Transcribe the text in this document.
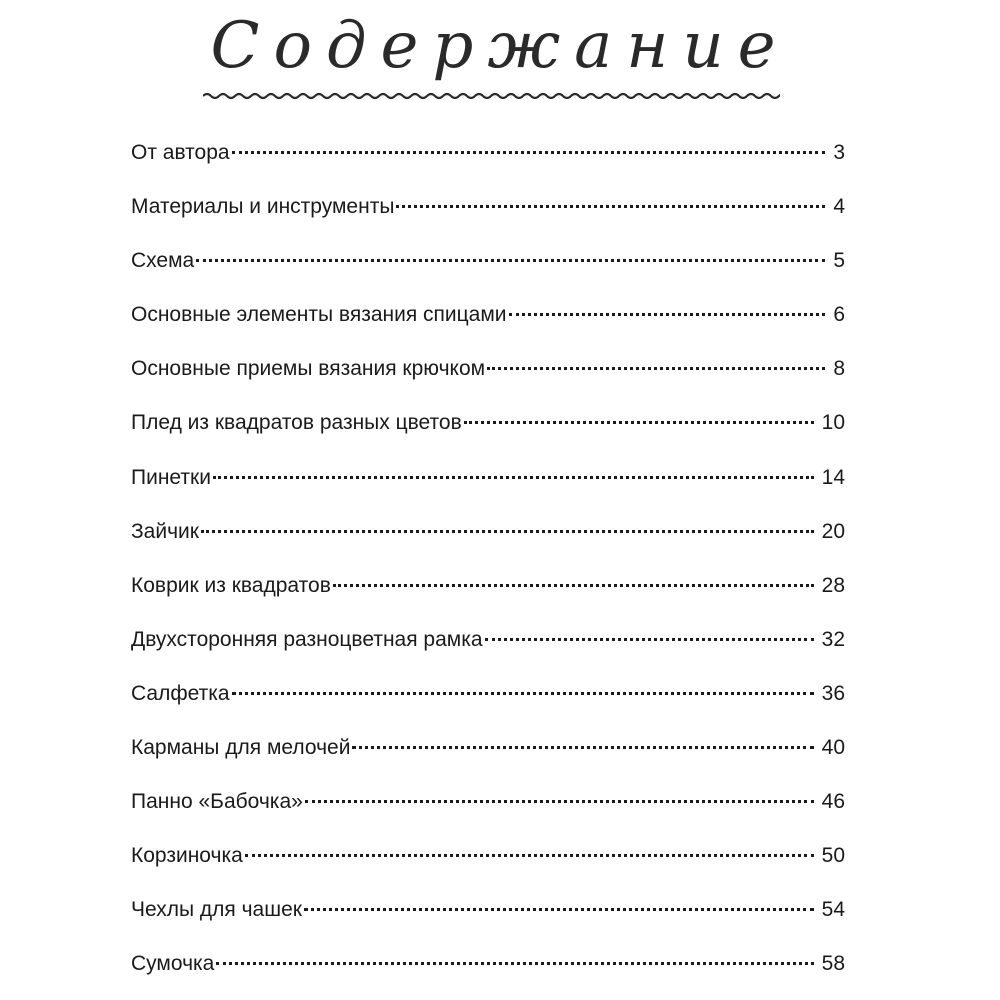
Содержание
От автора	3
Материалы и инструменты	4
Схема	5
Основные элементы вязания спицами	6
Основные приемы вязания крючком	8
Плед из квадратов разных цветов	10
Пинетки	14
Зайчик	20
Коврик из квадратов	28
Двухсторонняя разноцветная рамка	32
Салфетка	36
Карманы для мелочей	40
Панно «Бабочка»	46
Корзиночка	50
Чехлы для чашек	54
Сумочка	58
